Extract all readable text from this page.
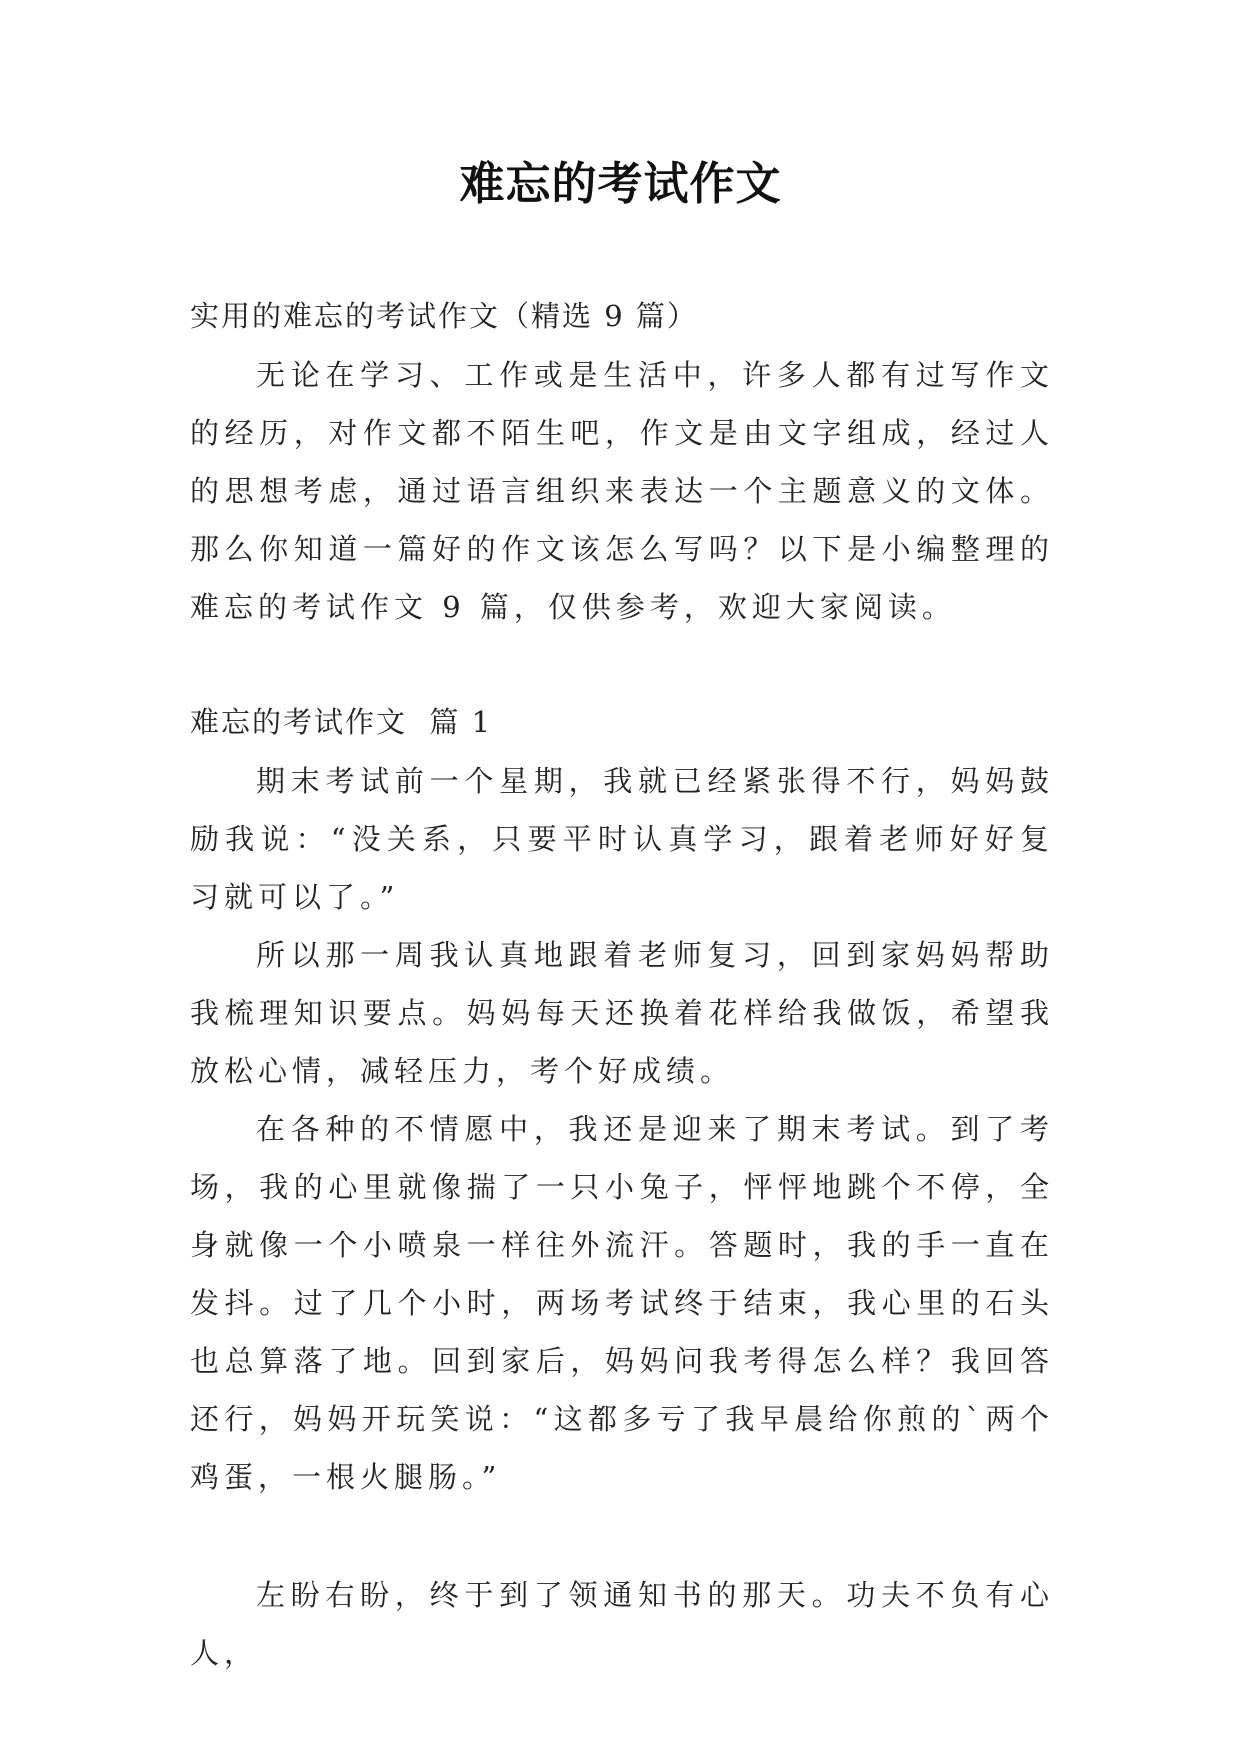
难忘的考试作文
实用的难忘的考试作文（精选 9 篇）
无论在学习、工作或是生活中，许多人都有过写作文的经历，对作文都不陌生吧，作文是由文字组成，经过人的思想考虑，通过语言组织来表达一个主题意义的文体。那么你知道一篇好的作文该怎么写吗？以下是小编整理的难忘的考试作文 9 篇，仅供参考，欢迎大家阅读。
难忘的考试作文  篇 1
期末考试前一个星期，我就已经紧张得不行，妈妈鼓励我说：“没关系，只要平时认真学习，跟着老师好好复习就可以了。”
所以那一周我认真地跟着老师复习，回到家妈妈帮助我梳理知识要点。妈妈每天还换着花样给我做饭，希望我放松心情，减轻压力，考个好成绩。
在各种的不情愿中，我还是迎来了期末考试。到了考场，我的心里就像揣了一只小兔子，怦怦地跳个不停，全身就像一个小喷泉一样往外流汗。答题时，我的手一直在发抖。过了几个小时，两场考试终于结束，我心里的石头也总算落了地。回到家后，妈妈问我考得怎么样？我回答还行，妈妈开玩笑说：“这都多亏了我早晨给你煎的`两个鸡蛋，一根火腿肠。”
左盼右盼，终于到了领通知书的那天。功夫不负有心人，
